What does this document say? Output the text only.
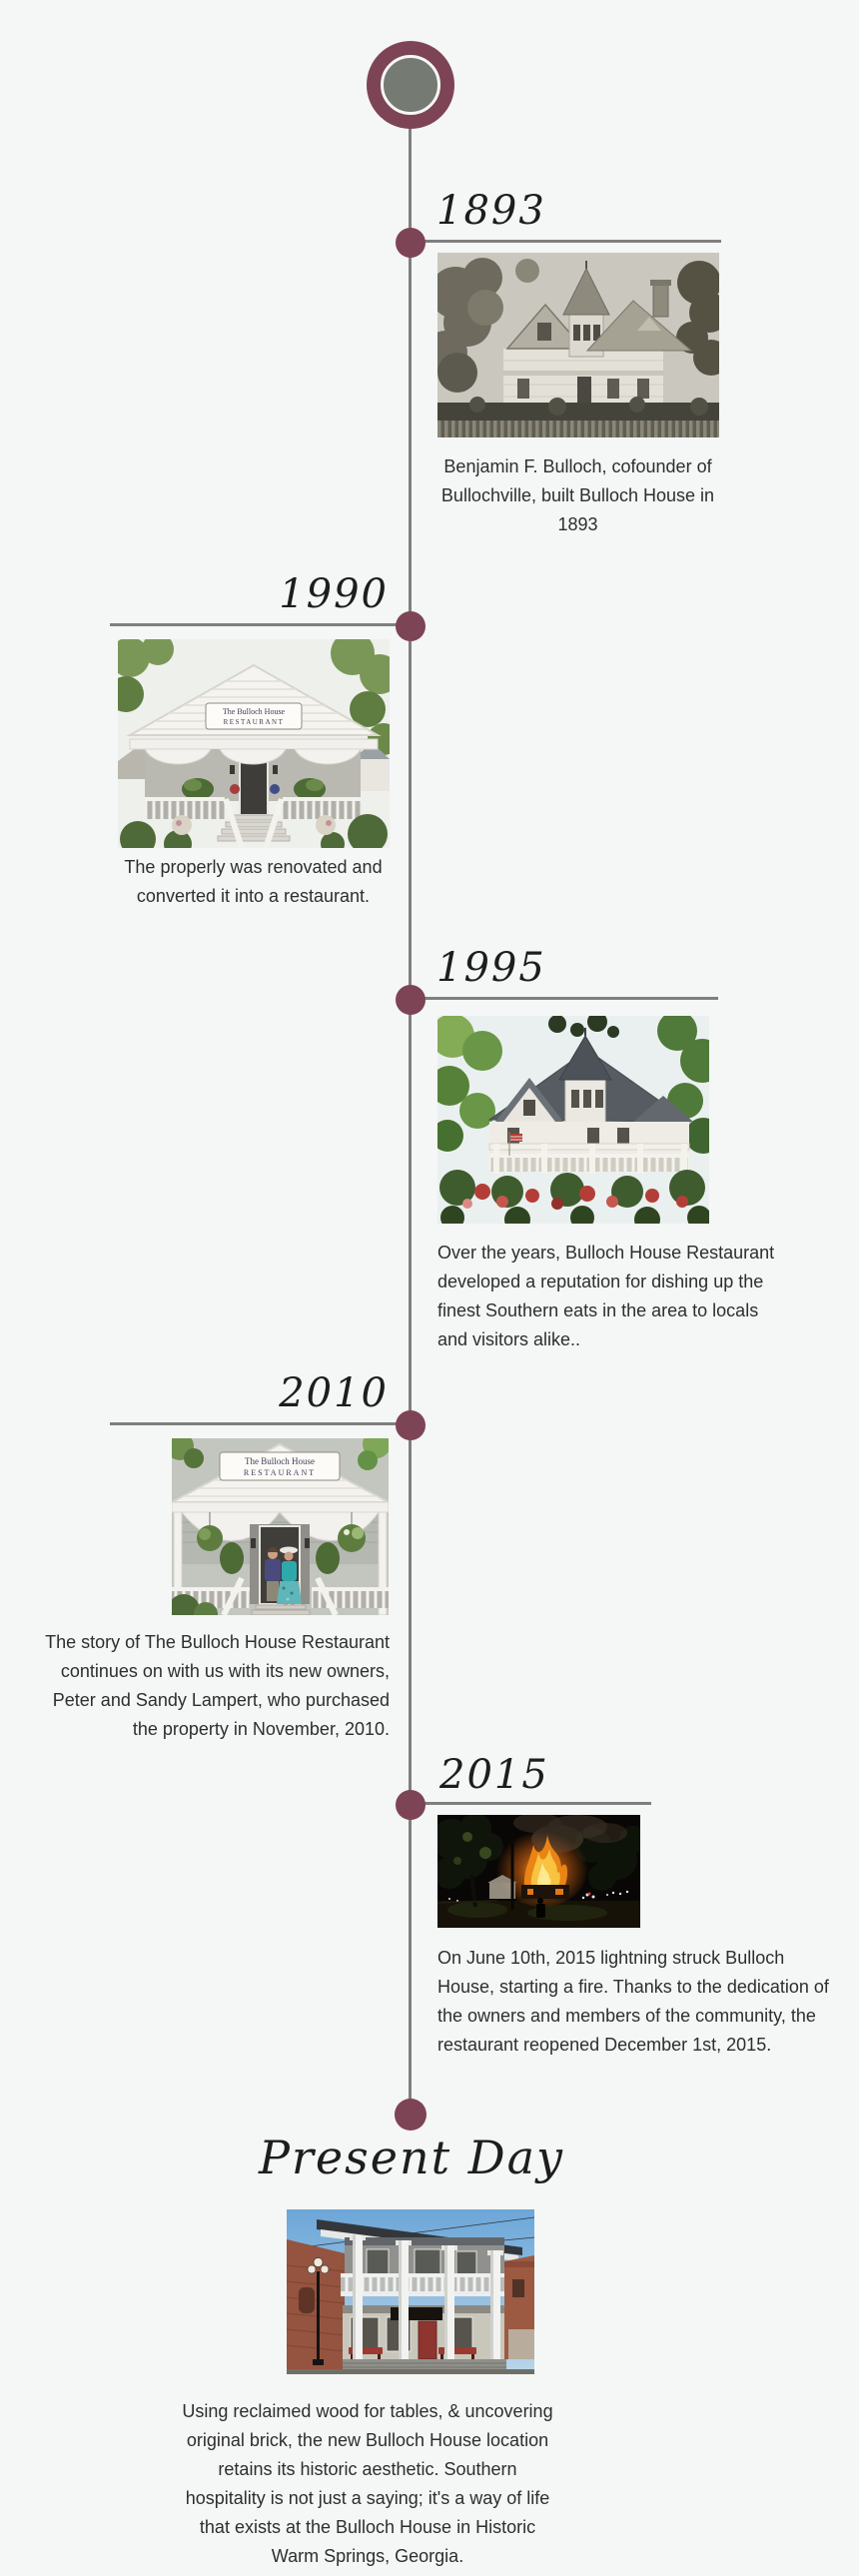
1893
Benjamin F. Bulloch, cofounder of Bullochville, built Bulloch House in 1893
1990
The Bulloch House
RESTAURANT
The properly was renovated and converted it into a restaurant.
1995
Over the years, Bulloch House Restaurant developed a reputation for dishing up the finest Southern eats in the area to locals and visitors alike..
2010
The Bulloch House
RESTAURANT
The story of The Bulloch House Restaurant continues on with us with its new owners, Peter and Sandy Lampert, who purchased the property in November, 2010.
2015
On June 10th, 2015 lightning struck Bulloch House, starting a fire. Thanks to the dedication of the owners and members of the community, the restaurant reopened December 1st, 2015.
Present Day
Using reclaimed wood for tables, & uncovering original brick, the new Bulloch House location retains its historic aesthetic. Southern hospitality is not just a saying; it's a way of life that exists at the Bulloch House in Historic Warm Springs, Georgia.
